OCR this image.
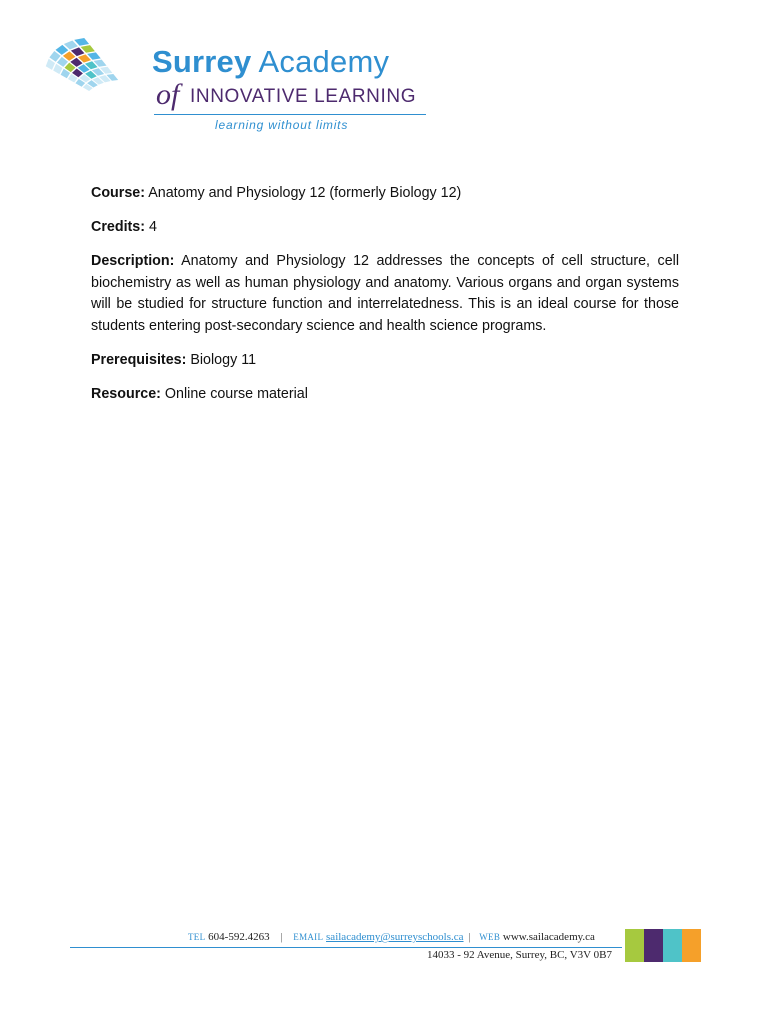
Surrey Academy
of INNOVATIVE LEARNING
learning without limits

Course: Anatomy and Physiology 12 (formerly Biology 12)

Credits: 4

Description: Anatomy and Physiology 12 addresses the concepts of cell structure, cell biochemistry as well as human physiology and anatomy. Various organs and organ systems will be studied for structure function and interrelatedness. This is an ideal course for those students entering post-secondary science and health science programs.

Prerequisites: Biology 11

Resource: Online course material

TEL 604-592.4263 | EMAIL sailacademy@surreyschools.ca | WEB www.sailacademy.ca
14033 - 92 Avenue, Surrey, BC, V3V 0B7
